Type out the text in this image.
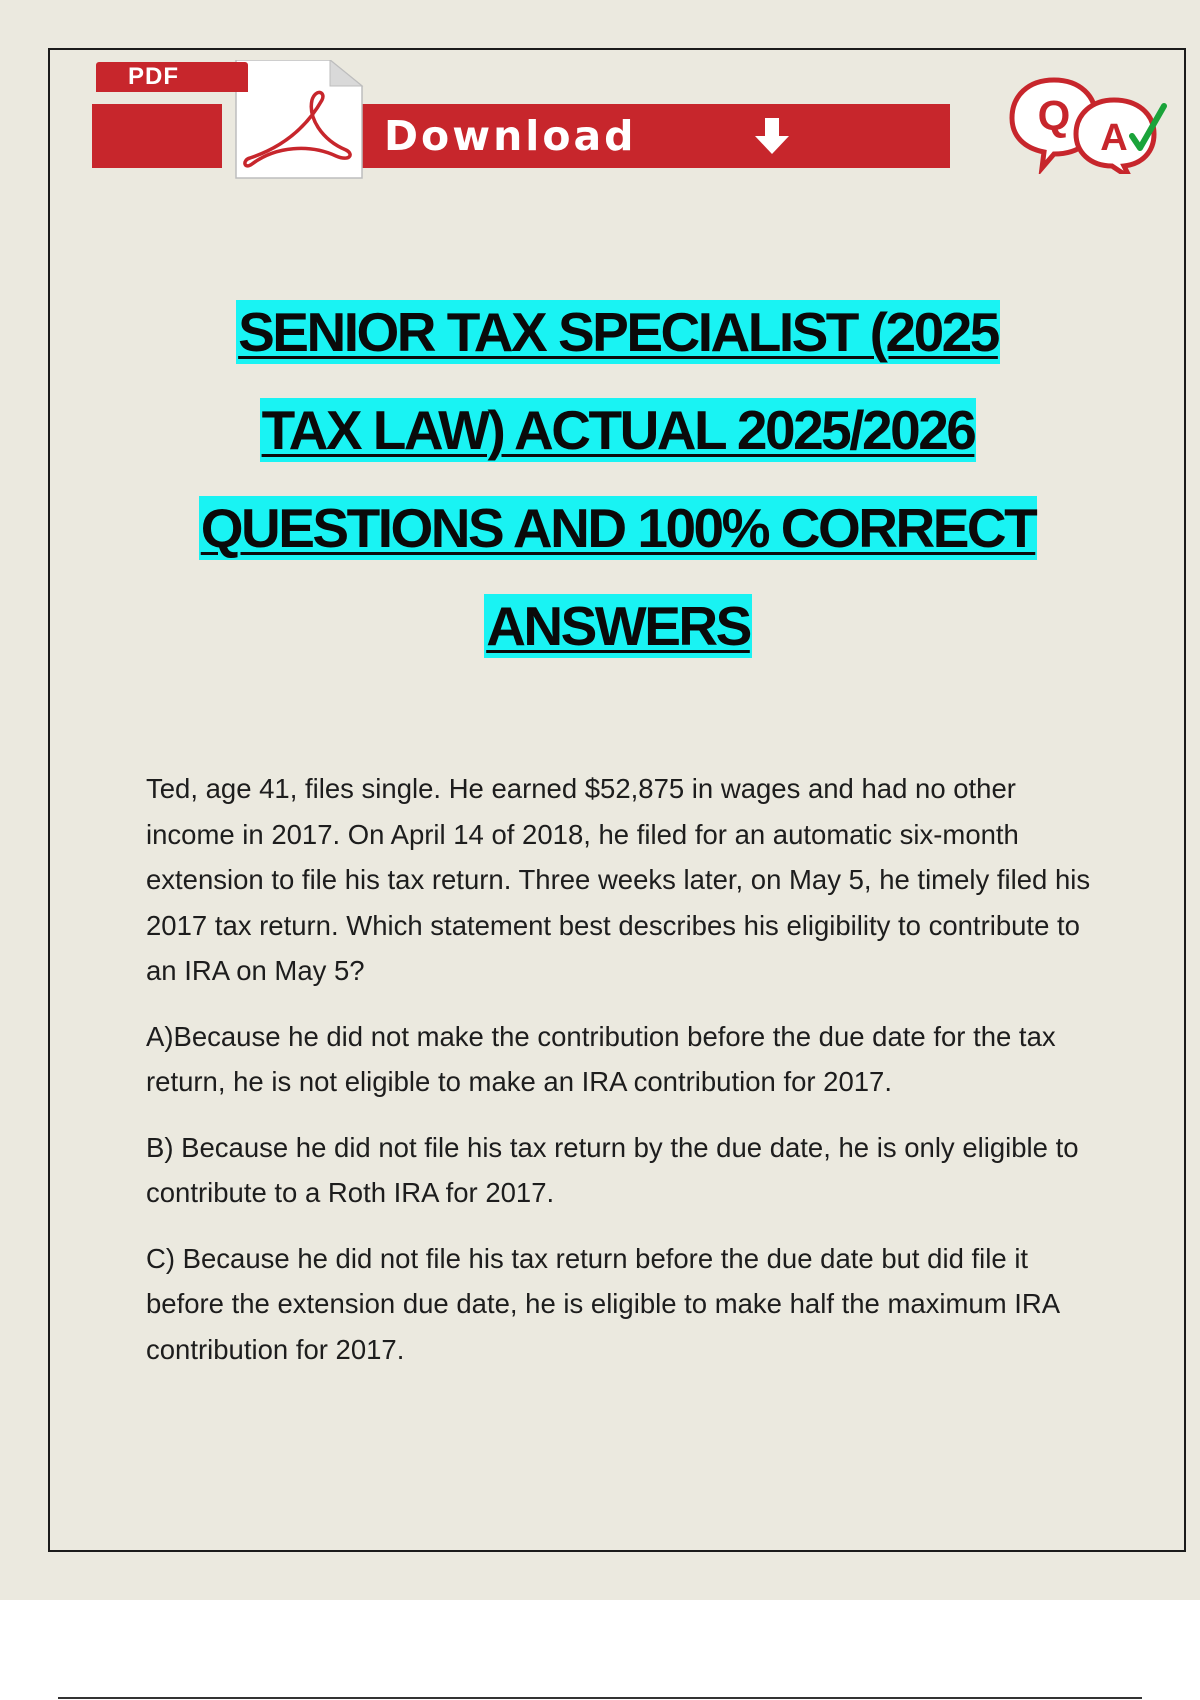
Download
PDF
Q A
SENIOR TAX SPECIALIST (2025
TAX LAW) ACTUAL 2025/2026
QUESTIONS AND 100% CORRECT
ANSWERS

Ted, age 41, files single. He earned $52,875 in wages and had no other income in 2017. On April 14 of 2018, he filed for an automatic six-month extension to file his tax return. Three weeks later, on May 5, he timely filed his 2017 tax return. Which statement best describes his eligibility to contribute to an IRA on May 5?

A)Because he did not make the contribution before the due date for the tax return, he is not eligible to make an IRA contribution for 2017.

B) Because he did not file his tax return by the due date, he is only eligible to contribute to a Roth IRA for 2017.

C) Because he did not file his tax return before the due date but did file it before the extension due date, he is eligible to make half the maximum IRA contribution for 2017.
